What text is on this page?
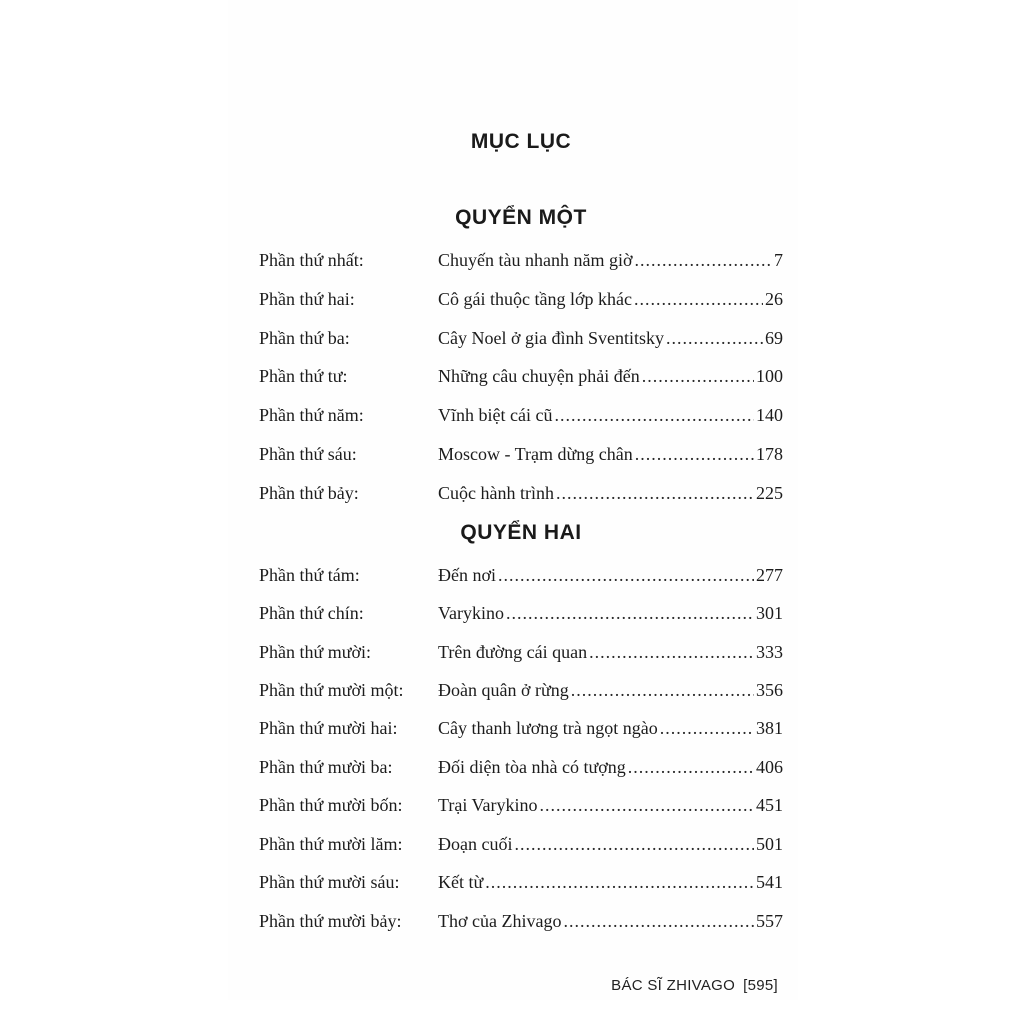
MỤC LỤC
QUYỂN MỘT
Phần thứ nhất:	Chuyến tàu nhanh năm giờ .....	7
Phần thứ hai:	Cô gái thuộc tầng lớp khác .....	26
Phần thứ ba:	Cây Noel ở gia đình Sventitsky .....	69
Phần thứ tư:	Những câu chuyện phải đến .....	100
Phần thứ năm:	Vĩnh biệt cái cũ .....	140
Phần thứ sáu:	Moscow - Trạm dừng chân .....	178
Phần thứ bảy:	Cuộc hành trình .....	225
QUYỂN HAI
Phần thứ tám:	Đến nơi .....	277
Phần thứ chín:	Varykino .....	301
Phần thứ mười:	Trên đường cái quan .....	333
Phần thứ mười một: Đoàn quân ở rừng .....	356
Phần thứ mười hai: Cây thanh lương trà ngọt ngào .....	381
Phần thứ mười ba:	Đối diện tòa nhà có tượng .....	406
Phần thứ mười bốn: Trại Varykino .....	451
Phần thứ mười lăm: Đoạn cuối .....	501
Phần thứ mười sáu: Kết từ .....	541
Phần thứ mười bảy: Thơ của Zhivago .....	557
BÁC SĨ ZHIVAGO [595]
